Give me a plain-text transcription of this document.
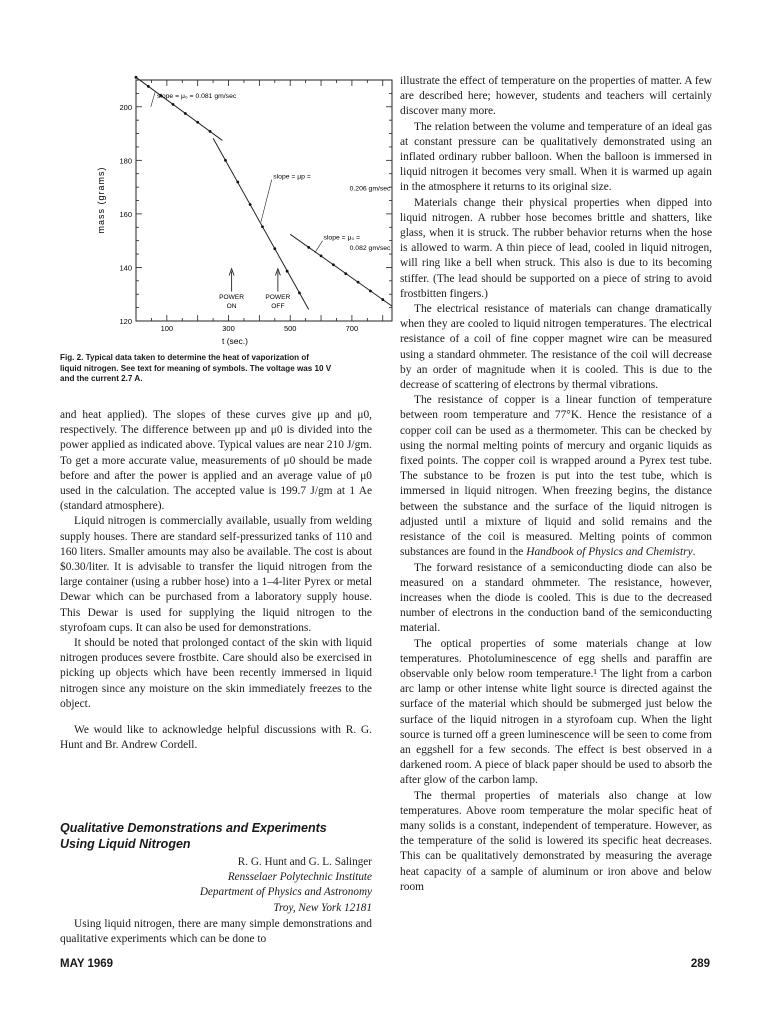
120
140
160
180
200
100	300	500	700
slope = μ₀ = 0.081 gm/sec
slope = μp =
0.206 gm/sec
slope = μ₀ =
0.082 gm/sec
POWER
ON
POWER
OFF
mass (grams)
t (sec.)
Fig. 2. Typical data taken to determine the heat of vaporization of
liquid nitrogen. See text for meaning of symbols. The voltage was 10 V
and the current 2.7 A.

and heat applied). The slopes of these curves give μp and μ0, respectively. The difference between μp and μ0 is divided into the power applied as indicated above. Typical values are near 210 J/gm. To get a more accurate value, measurements of μ0 should be made before and after the power is applied and an average value of μ0 used in the calculation. The accepted value is 199.7 J/gm at 1 Ae (standard atmosphere).

Liquid nitrogen is commercially available, usually from welding supply houses. There are standard self-pressurized tanks of 110 and 160 liters. Smaller amounts may also be available. The cost is about $0.30/liter. It is advisable to transfer the liquid nitrogen from the large container (using a rubber hose) into a 1–4-liter Pyrex or metal Dewar which can be purchased from a laboratory supply house. This Dewar is used for supplying the liquid nitrogen to the styrofoam cups. It can also be used for demonstrations.

It should be noted that prolonged contact of the skin with liquid nitrogen produces severe frostbite. Care should also be exercised in picking up objects which have been recently immersed in liquid nitrogen since any moisture on the skin immediately freezes to the object.

We would like to acknowledge helpful discussions with R. G. Hunt and Br. Andrew Cordell.

Qualitative Demonstrations and Experiments
Using Liquid Nitrogen
R. G. Hunt and G. L. Salinger
Rensselaer Polytechnic Institute
Department of Physics and Astronomy
Troy, New York 12181

Using liquid nitrogen, there are many simple demonstrations and qualitative experiments which can be done to

illustrate the effect of temperature on the properties of matter. A few are described here; however, students and teachers will certainly discover many more.

The relation between the volume and temperature of an ideal gas at constant pressure can be qualitatively demonstrated using an inflated ordinary rubber balloon. When the balloon is immersed in liquid nitrogen it becomes very small. When it is warmed up again in the atmosphere it returns to its original size.

Materials change their physical properties when dipped into liquid nitrogen. A rubber hose becomes brittle and shatters, like glass, when it is struck. The rubber behavior returns when the hose is allowed to warm. A thin piece of lead, cooled in liquid nitrogen, will ring like a bell when struck. This also is due to its becoming stiffer. (The lead should be supported on a piece of string to avoid frostbitten fingers.)

The electrical resistance of materials can change dramatically when they are cooled to liquid nitrogen temperatures. The electrical resistance of a coil of fine copper magnet wire can be measured using a standard ohmmeter. The resistance of the coil will decrease by an order of magnitude when it is cooled. This is due to the decrease of scattering of electrons by thermal vibrations.

The resistance of copper is a linear function of temperature between room temperature and 77°K. Hence the resistance of a copper coil can be used as a thermometer. This can be checked by using the normal melting points of mercury and organic liquids as fixed points. The copper coil is wrapped around a Pyrex test tube. The substance to be frozen is put into the test tube, which is immersed in liquid nitrogen. When freezing begins, the distance between the substance and the surface of the liquid nitrogen is adjusted until a mixture of liquid and solid remains and the resistance of the coil is measured. Melting points of common substances are found in the Handbook of Physics and Chemistry.

The forward resistance of a semiconducting diode can also be measured on a standard ohmmeter. The resistance, however, increases when the diode is cooled. This is due to the decreased number of electrons in the conduction band of the semiconducting material.

The optical properties of some materials change at low temperatures. Photoluminescence of egg shells and paraffin are observable only below room temperature.¹ The light from a carbon arc lamp or other intense white light source is directed against the surface of the material which should be submerged just below the surface of the liquid nitrogen in a styrofoam cup. When the light source is turned off a green luminescence will be seen to come from an eggshell for a few seconds. The effect is best observed in a darkened room. A piece of black paper should be used to absorb the after glow of the carbon lamp.

The thermal properties of materials also change at low temperatures. Above room temperature the molar specific heat of many solids is a constant, independent of temperature. However, as the temperature of the solid is lowered its specific heat decreases. This can be qualitatively demonstrated by measuring the average heat capacity of a sample of aluminum or iron above and below room

MAY 1969	289
